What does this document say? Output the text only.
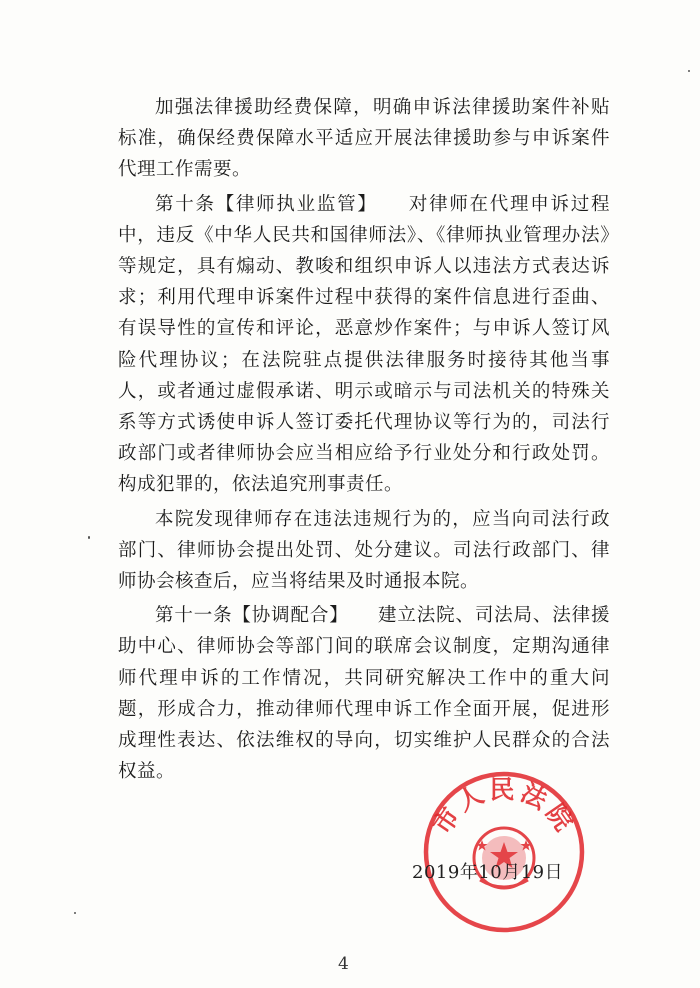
加强法律援助经费保障，明确申诉法律援助案件补贴标准，确保经费保障水平适应开展法律援助参与申诉案件代理工作需要。

第十条【律师执业监管】　　 对律师在代理申诉过程中，违反《中华人民共和国律师法》、《律师执业管理办法》等规定，具有煽动、教唆和组织申诉人以违法方式表达诉求；利用代理申诉案件过程中获得的案件信息进行歪曲、有误导性的宣传和评论，恶意炒作案件；与申诉人签订风险代理协议；在法院驻点提供法律服务时接待其他当事人，或者通过虚假承诺、明示或暗示与司法机关的特殊关系等方式诱使申诉人签订委托代理协议等行为的，司法行政部门或者律师协会应当相应给予行业处分和行政处罚。构成犯罪的，依法追究刑事责任。

本院发现律师存在违法违规行为的，应当向司法行政部门、律师协会提出处罚、处分建议。司法行政部门、律师协会核查后，应当将结果及时通报本院。

第十一条【协调配合】　　 建立法院、司法局、法律援助中心、律师协会等部门间的联席会议制度，定期沟通律师代理申诉的工作情况，共同研究解决工作中的重大问题，形成合力，推动律师代理申诉工作全面开展，促进形成理性表达、依法维权的导向，切实维护人民群众的合法权益。

市人民法院
2019年10月19日
4
